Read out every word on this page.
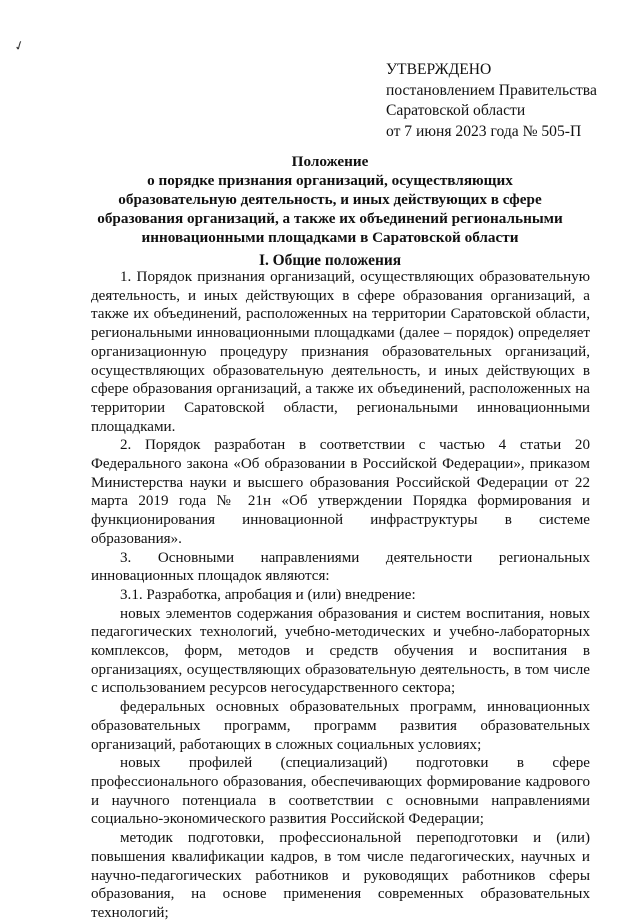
✓
УТВЕРЖДЕНО
постановлением Правительства
Саратовской области
от 7 июня 2023 года № 505-П
Положение
о порядке признания организаций, осуществляющих
образовательную деятельность, и иных действующих в сфере
образования организаций, а также их объединений региональными
инновационными площадками в Саратовской области
I. Общие положения

1. Порядок признания организаций, осуществляющих образовательную деятельность, и иных действующих в сфере образования организаций, а также их объединений, расположенных на территории Саратовской области, региональными инновационными площадками (далее – порядок) определяет организационную процедуру признания образовательных организаций, осуществляющих образовательную деятельность, и иных действующих в сфере образования организаций, а также их объединений, расположенных на территории Саратовской области, региональными инновационными площадками.

2. Порядок разработан в соответствии с частью 4 статьи 20 Федерального закона «Об образовании в Российской Федерации», приказом Министерства науки и высшего образования Российской Федерации от 22 марта 2019 года № 21н «Об утверждении Порядка формирования и функционирования инновационной инфраструктуры в системе образования».

3. Основными направлениями деятельности региональных инновационных площадок являются:

3.1. Разработка, апробация и (или) внедрение:

новых элементов содержания образования и систем воспитания, новых педагогических технологий, учебно-методических и учебно-лабораторных комплексов, форм, методов и средств обучения и воспитания в организациях, осуществляющих образовательную деятельность, в том числе с использованием ресурсов негосударственного сектора;

федеральных основных образовательных программ, инновационных образовательных программ, программ развития образовательных организаций, работающих в сложных социальных условиях;

новых профилей (специализаций) подготовки в сфере профессионального образования, обеспечивающих формирование кадрового и научного потенциала в соответствии с основными направлениями социально-экономического развития Российской Федерации;

методик подготовки, профессиональной переподготовки и (или) повышения квалификации кадров, в том числе педагогических, научных и научно-педагогических работников и руководящих работников сферы образования, на основе применения современных образовательных технологий;
